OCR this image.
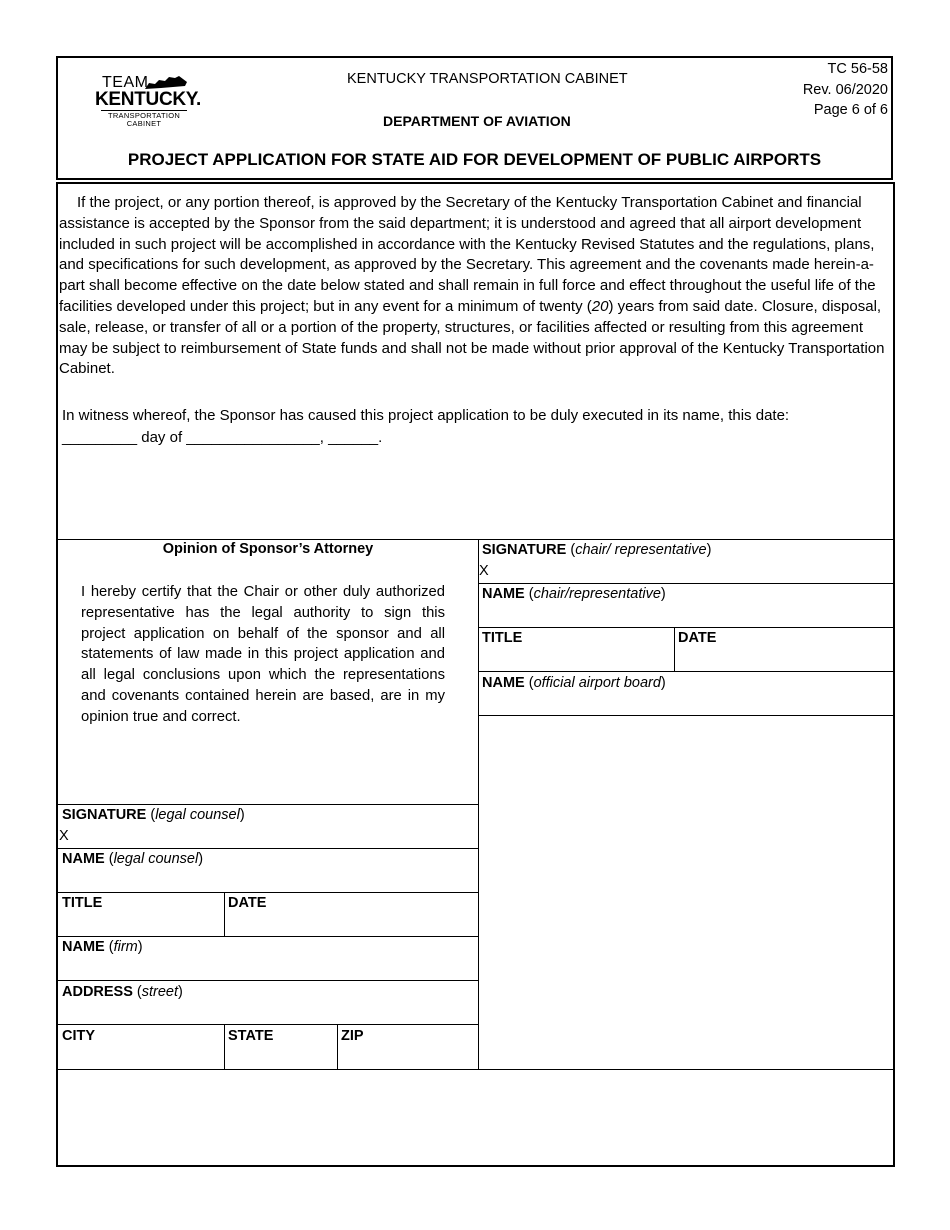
TEAM
KENTUCKY.
TRANSPORTATION
CABINET
KENTUCKY TRANSPORTATION CABINET
DEPARTMENT OF AVIATION
TC 56-58
Rev. 06/2020
Page 6 of 6
PROJECT APPLICATION FOR STATE AID FOR DEVELOPMENT OF PUBLIC AIRPORTS
If the project, or any portion thereof, is approved by the Secretary of the Kentucky Transportation Cabinet and financial assistance is accepted by the Sponsor from the said department; it is understood and agreed that all airport development included in such project will be accomplished in accordance with the Kentucky Revised Statutes and the regulations, plans, and specifications for such development, as approved by the Secretary. This agreement and the covenants made herein-a-part shall become effective on the date below stated and shall remain in full force and effect throughout the useful life of the facilities developed under this project; but in any event for a minimum of twenty (20) years from said date. Closure, disposal, sale, release, or transfer of all or a portion of the property, structures, or facilities affected or resulting from this agreement may be subject to reimbursement of State funds and shall not be made without prior approval of the Kentucky Transportation Cabinet.
In witness whereof, the Sponsor has caused this project application to be duly executed in its name, this date:
_________ day of ________________, ______.
Opinion of Sponsor’s Attorney
I hereby certify that the Chair or other duly authorized representative has the legal authority to sign this project application on behalf of the sponsor and all statements of law made in this project application and all legal conclusions upon which the representations and covenants contained herein are based, are in my opinion true and correct.
SIGNATURE (legal counsel)
X
NAME (legal counsel)
TITLE	DATE
NAME (firm)
ADDRESS (street)
CITY	STATE	ZIP
SIGNATURE (chair/ representative)
X
NAME (chair/representative)
TITLE	DATE
NAME (official airport board)
